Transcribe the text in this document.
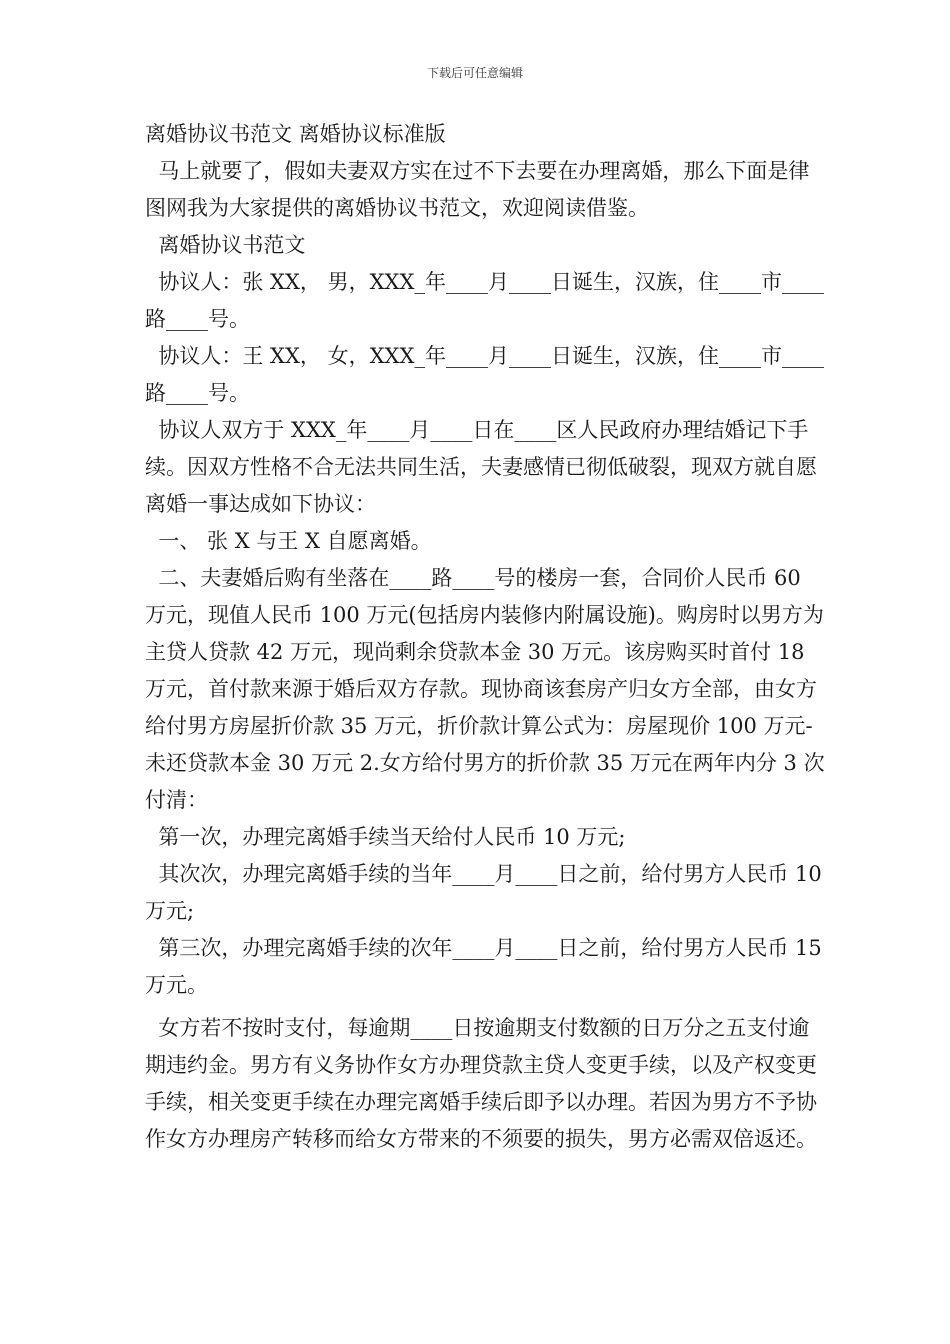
下载后可任意编辑

离婚协议书范文 离婚协议标准版

马上就要了，假如夫妻双方实在过不下去要在办理离婚，那么下面是律图网我为大家提供的离婚协议书范文，欢迎阅读借鉴。

离婚协议书范文

协议人：张 XX， 男，XXX_年____月____日诞生，汉族，住____市____路____号。

协议人：王 XX， 女，XXX_年____月____日诞生，汉族，住____市____路____号。

协议人双方于 XXX_年____月____日在____区人民政府办理结婚记下手续。因双方性格不合无法共同生活，夫妻感情已彻低破裂，现双方就自愿离婚一事达成如下协议：

一、 张 X 与王 X 自愿离婚。

二、夫妻婚后购有坐落在____路____号的楼房一套，合同价人民币 60 万元，现值人民币 100 万元(包括房内装修内附属设施)。购房时以男方为主贷人贷款 42 万元，现尚剩余贷款本金 30 万元。该房购买时首付 18 万元，首付款来源于婚后双方存款。现协商该套房产归女方全部，由女方给付男方房屋折价款 35 万元，折价款计算公式为：房屋现价 100 万元-未还贷款本金 30 万元 2.女方给付男方的折价款 35 万元在两年内分 3 次付清：

第一次，办理完离婚手续当天给付人民币 10 万元;

其次次，办理完离婚手续的当年____月____日之前，给付男方人民币 10 万元;

第三次，办理完离婚手续的次年____月____日之前，给付男方人民币 15 万元。

女方若不按时支付，每逾期____日按逾期支付数额的日万分之五支付逾期违约金。男方有义务协作女方办理贷款主贷人变更手续，以及产权变更手续，相关变更手续在办理完离婚手续后即予以办理。若因为男方不予协作女方办理房产转移而给女方带来的不须要的损失，男方必需双倍返还。
